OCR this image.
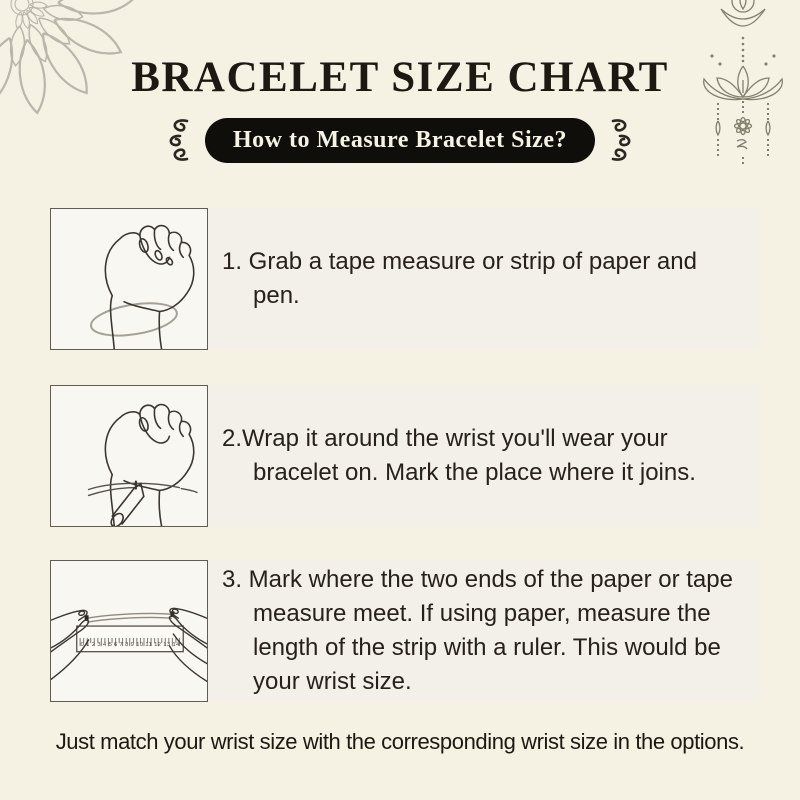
BRACELET SIZE CHART
How to Measure Bracelet Size?

1. Grab a tape measure or strip of paper and pen.

2.Wrap it around the wrist you'll wear your bracelet on. Mark the place where it joins.

0 1 2 3 4 5 6 7 8 9 10 11 12 13 14

3. Mark where the two ends of the paper or tape measure meet. If using paper, measure the length of the strip with a ruler. This would be your wrist size.

Just match your wrist size with the corresponding wrist size in the options.
